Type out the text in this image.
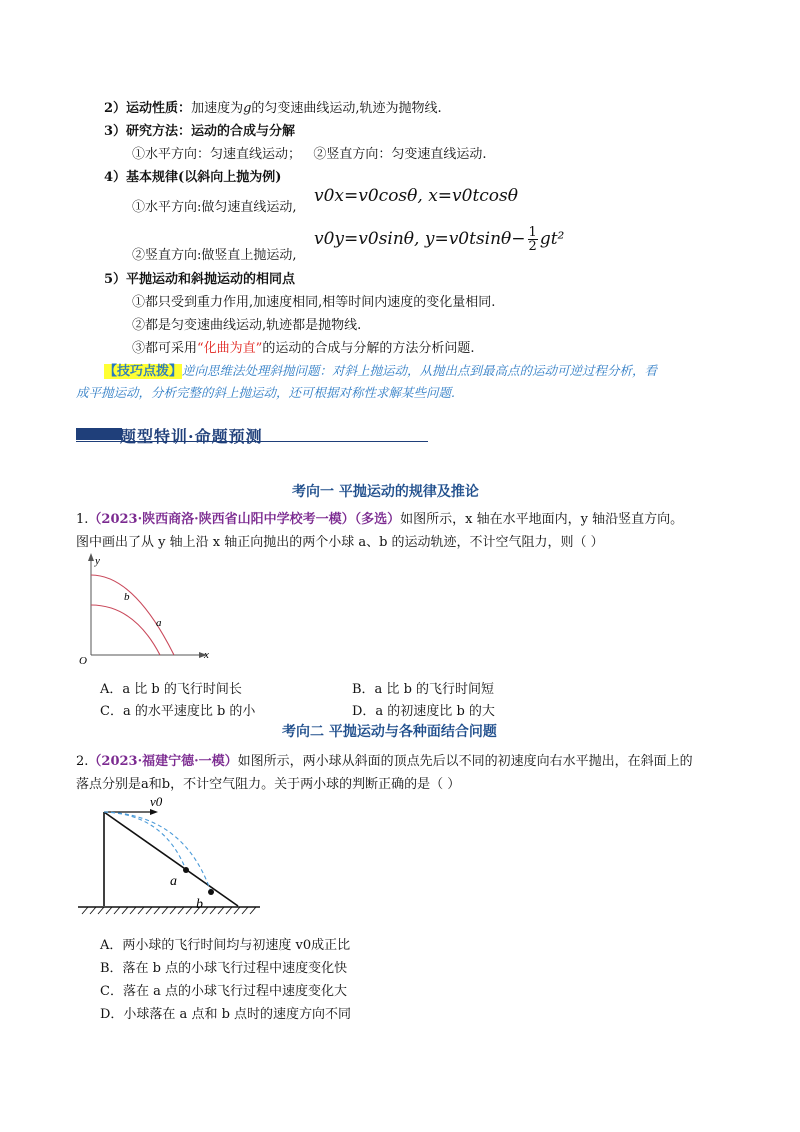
2）运动性质：加速度为g的匀变速曲线运动,轨迹为抛物线.
3）研究方法：运动的合成与分解
①水平方向：匀速直线运动；   ②竖直方向：匀变速直线运动.
4）基本规律(以斜向上抛为例)
①水平方向:做匀速直线运动,
v0x=v0cosθ, x=v0tcosθ
②竖直方向:做竖直上抛运动,
v0y=v0sinθ, $y=v0tsin\theta- \frac{1}{2} gt^2$
5）平抛运动和斜抛运动的相同点
①都只受到重力作用,加速度相同,相等时间内速度的变化量相同.
②都是匀变速曲线运动,轨迹都是抛物线.
③都可采用“化曲为直”的运动的合成与分解的方法分析问题.
【技巧点拨】逆向思维法处理斜抛问题：对斜上抛运动，从抛出点到最高点的运动可逆过程分析，看
成平抛运动，分析完整的斜上抛运动，还可根据对称性求解某些问题.
题型特训·命题预测
考向一 平抛运动的规律及推论
1.（2023·陕西商洛·陕西省山阳中学校考一模）（多选）如图所示，x 轴在水平地面内，y 轴沿竖直方向。
图中画出了从 y 轴上沿 x 轴正向抛出的两个小球 a、b 的运动轨迹，不计空气阻力，则（ ）
y
x
O
b
a
A．a 比 b 的飞行时间长	B．a 比 b 的飞行时间短
C．a 的水平速度比 b 的小	D．a 的初速度比 b 的大
考向二 平抛运动与各种面结合问题
2.（2023·福建宁德·一模）如图所示，两小球从斜面的顶点先后以不同的初速度向右水平抛出，在斜面上的
落点分别是a和b，不计空气阻力。关于两小球的判断正确的是（ ）
v0
a
b
A．两小球的飞行时间均与初速度 v0成正比
B．落在 b 点的小球飞行过程中速度变化快
C．落在 a 点的小球飞行过程中速度变化大
D．小球落在 a 点和 b 点时的速度方向不同
